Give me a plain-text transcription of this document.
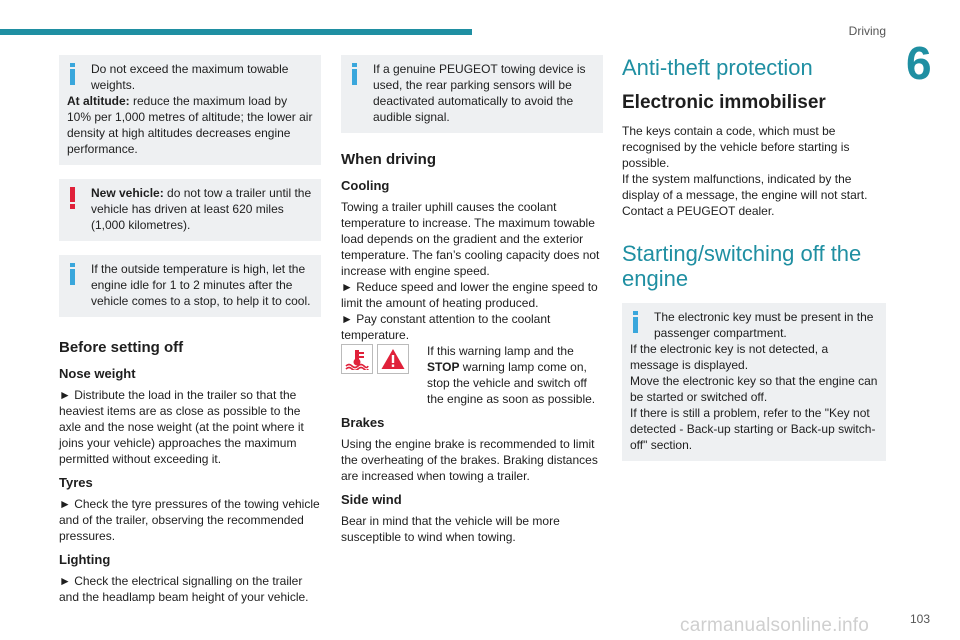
Driving
6

Do not exceed the maximum towable weights.

At altitude: reduce the maximum load by 10% per 1,000 metres of altitude; the lower air density at high altitudes decreases engine performance.

New vehicle: do not tow a trailer until the vehicle has driven at least 620 miles (1,000 kilometres).

If the outside temperature is high, let the engine idle for 1 to 2 minutes after the vehicle comes to a stop, to help it to cool.

Before setting off
Nose weight

► Distribute the load in the trailer so that the heaviest items are as close as possible to the axle and the nose weight (at the point where it joins your vehicle) approaches the maximum permitted without exceeding it.

Tyres

► Check the tyre pressures of the towing vehicle and of the trailer, observing the recommended pressures.

Lighting

► Check the electrical signalling on the trailer and the headlamp beam height of your vehicle.

If a genuine PEUGEOT towing device is used, the rear parking sensors will be deactivated automatically to avoid the audible signal.

When driving
Cooling

Towing a trailer uphill causes the coolant temperature to increase. The maximum towable load depends on the gradient and the exterior temperature. The fan’s cooling capacity does not increase with engine speed.

► Reduce speed and lower the engine speed to limit the amount of heating produced.

► Pay constant attention to the coolant temperature.

If this warning lamp and the STOP warning lamp come on, stop the vehicle and switch off the engine as soon as possible.

Brakes

Using the engine brake is recommended to limit the overheating of the brakes. Braking distances are increased when towing a trailer.

Side wind

Bear in mind that the vehicle will be more susceptible to wind when towing.

Anti-theft protection
Electronic immobiliser

The keys contain a code, which must be recognised by the vehicle before starting is possible.

If the system malfunctions, indicated by the display of a message, the engine will not start.

Contact a PEUGEOT dealer.

Starting/switching off the engine

The electronic key must be present in the passenger compartment.

If the electronic key is not detected, a message is displayed.

Move the electronic key so that the engine can be started or switched off.

If there is still a problem, refer to the "Key not detected - Back-up starting or Back-up switch-off" section.

carmanualsonline.info	103
